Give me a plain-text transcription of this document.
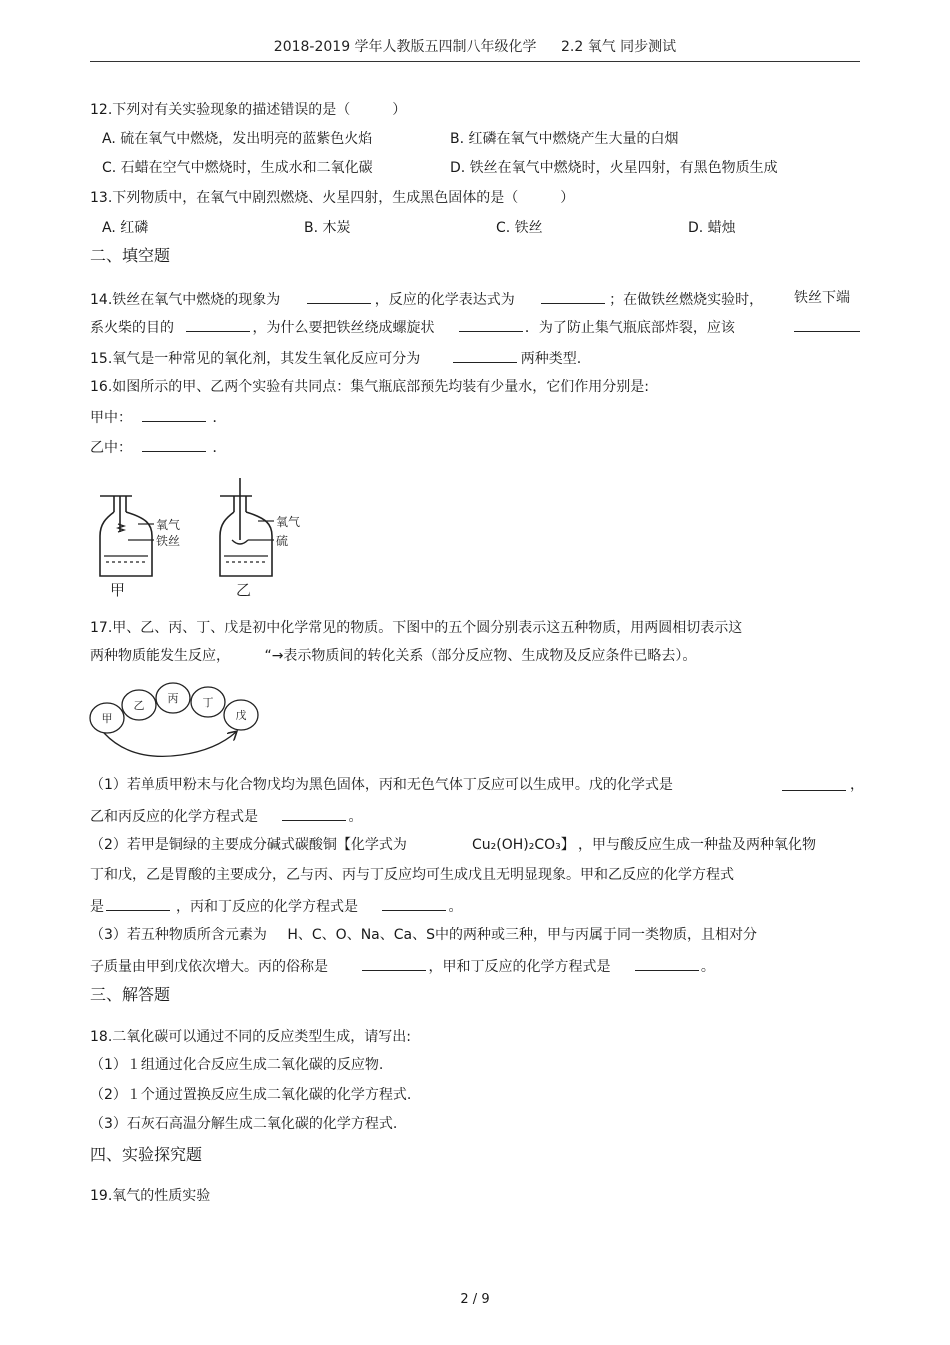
2018-2019 学年人教版五四制八年级化学 2.2 氧气 同步测试
12.下列对有关实验现象的描述错误的是（　　　）
A. 硫在氧气中燃烧，发出明亮的蓝紫色火焰	B. 红磷在氧气中燃烧产生大量的白烟
C. 石蜡在空气中燃烧时，生成水和二氧化碳	D. 铁丝在氧气中燃烧时，火星四射，有黑色物质生成
13.下列物质中，在氧气中剧烈燃烧、火星四射，生成黑色固体的是（　　　）
A. 红磷	B. 木炭	C. 铁丝	D. 蜡烛
二、填空题
14.铁丝在氧气中燃烧的现象为	，反应的化学表达式为	；在做铁丝燃烧实验时， 铁丝下端
系火柴的目的	，为什么要把铁丝绕成螺旋状	．为了防止集气瓶底部炸裂，应该
15.氧气是一种常见的氧化剂，其发生氧化反应可分为	两种类型.
16.如图所示的甲、乙两个实验有共同点：集气瓶底部预先均装有少量水，它们作用分别是:
甲中：	．
乙中：	．
氧气
铁丝
甲
氧气
硫
乙
17.甲、乙、丙、丁、戊是初中化学常见的物质。下图中的五个圆分别表示这五种物质，用两圆相切表示这
两种物质能发生反应， “→表示物质间的转化关系（部分反应物、生成物及反应条件已略去）。
甲
乙
丙 丁
戊
（1）若单质甲粉末与化合物戊均为黑色固体，丙和无色气体丁反应可以生成甲。戊的化学式是	，
乙和丙反应的化学方程式是	。
（2）若甲是铜绿的主要成分碱式碳酸铜【化学式为	Cu₂(OH)₂CO₃】 ，甲与酸反应生成一种盐及两种氧化物
丁和戊，乙是胃酸的主要成分，乙与丙、丙与丁反应均可生成戊且无明显现象。甲和乙反应的化学方程式
是	，丙和丁反应的化学方程式是	。
（3）若五种物质所含元素为 H、C、O、Na、Ca、S中的两种或三种，甲与丙属于同一类物质，且相对分
子质量由甲到戊依次增大。丙的俗称是	，甲和丁反应的化学方程式是	。
三、解答题
18.二氧化碳可以通过不同的反应类型生成，请写出:
（1）１组通过化合反应生成二氧化碳的反应物.
（2）１个通过置换反应生成二氧化碳的化学方程式.
（3）石灰石高温分解生成二氧化碳的化学方程式.
四、实验探究题
19.氧气的性质实验
2 / 9
